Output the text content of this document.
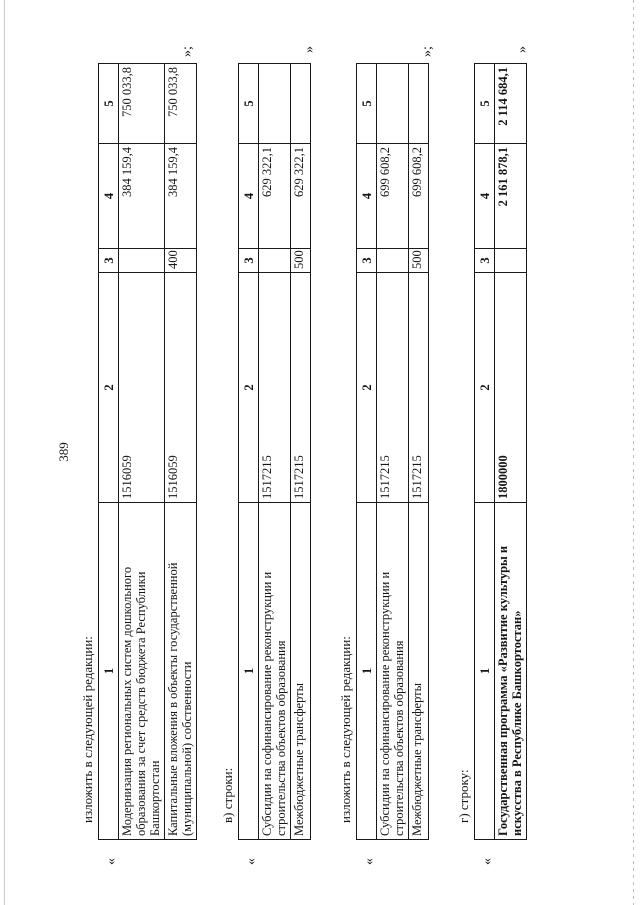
389
изложить в следующей редакции:
«
»;
1	2	3	4	5
Модернизация региональных систем дошкольного образования за счет средств бюджета Республики Башкортостан	1516059		384 159,4	750 033,8
Капитальные вложения в объекты государственной (муниципальной) собственности	1516059	400	384 159,4	750 033,8
в) строки:
«
»
1	2	3	4	5
Субсидии на софинансирование реконструкции и строительства объектов образования	1517215		629 322,1	
Межбюджетные трансферты	1517215	500	629 322,1	
изложить в следующей редакции:
«
»;
1	2	3	4	5
Субсидии на софинансирование реконструкции и строительства объектов образования	1517215		699 608,2	
Межбюджетные трансферты	1517215	500	699 608,2	
г) строку:
«
»
1	2	3	4	5
Государственная программа «Развитие культуры и искусства в Республике Башкортостан»	1800000		2 161 878,1	2 114 684,1
